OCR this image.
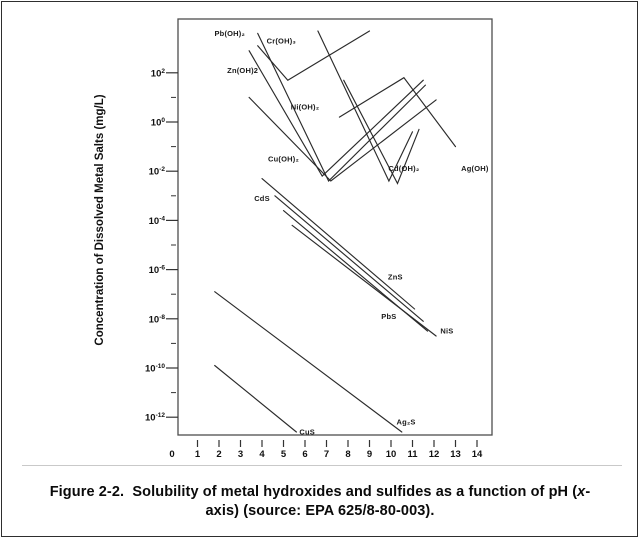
$10^2$
$10^0$
$10^{-2}$
$10^{-4}$
$10^{-6}$
$10^{-8}$
$10^{-10}$
$10^{-12}$
0 1 2 3 4 5 6 7 8 9 10 11 12 13 14
Concentration of Dissolved Metal Salts (mg/L)
Cr(OH)₃
Pb(OH)₂
Zn(OH)2
Cu(OH)₂
Ni(OH)₂
Cd(OH)₂	Ag(OH)
CdS
ZnS
PbS
NiS
CuS
Ag₂S
Figure 2-2.  Solubility of metal hydroxides and sulfides as a function of pH (x-
axis) (source: EPA 625/8-80-003).
